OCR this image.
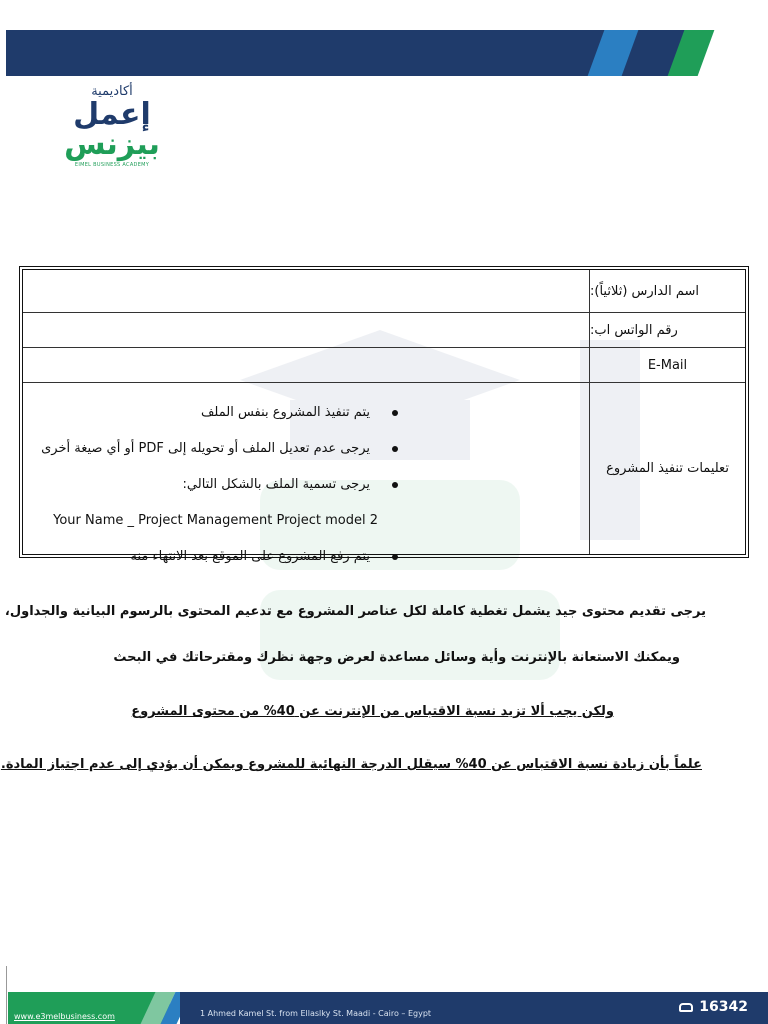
أكاديمية
إعمل
بيزنس
EIMEL BUSINESS ACADEMY
اسم الدارس (ثلاثياً):
رقم الواتس اب:
E-Mail
تعليمات تنفيذ المشروع
يتم تنفيذ المشروع بنفس الملف
يرجى عدم تعديل الملف أو تحويله إلى PDF أو أي صيغة أخرى
يرجى تسمية الملف بالشكل التالي:
Your Name _ Project Management Project model 2
يتم رفع المشروع على الموقع بعد الانتهاء منه
يرجى تقديم محتوى جيد يشمل تغطية كاملة لكل عناصر المشروع مع تدعيم المحتوى بالرسوم البيانية والجداول،
ويمكنك الاستعانة بالإنترنت وأية وسائل مساعدة لعرض وجهة نظرك ومقترحاتك في البحث
ولكن يجب ألا تزيد نسبة الاقتباس من الإنترنت عن 40% من محتوى المشروع
علماً بأن زيادة نسبة الاقتباس عن 40% سيقلل الدرجة النهائية للمشروع ويمكن أن يؤدي إلى عدم اجتياز المادة.
www.e3melbusiness.com	1 Ahmed Kamel St. from Ellaslky St. Maadi - Cairo – Egypt	16342
